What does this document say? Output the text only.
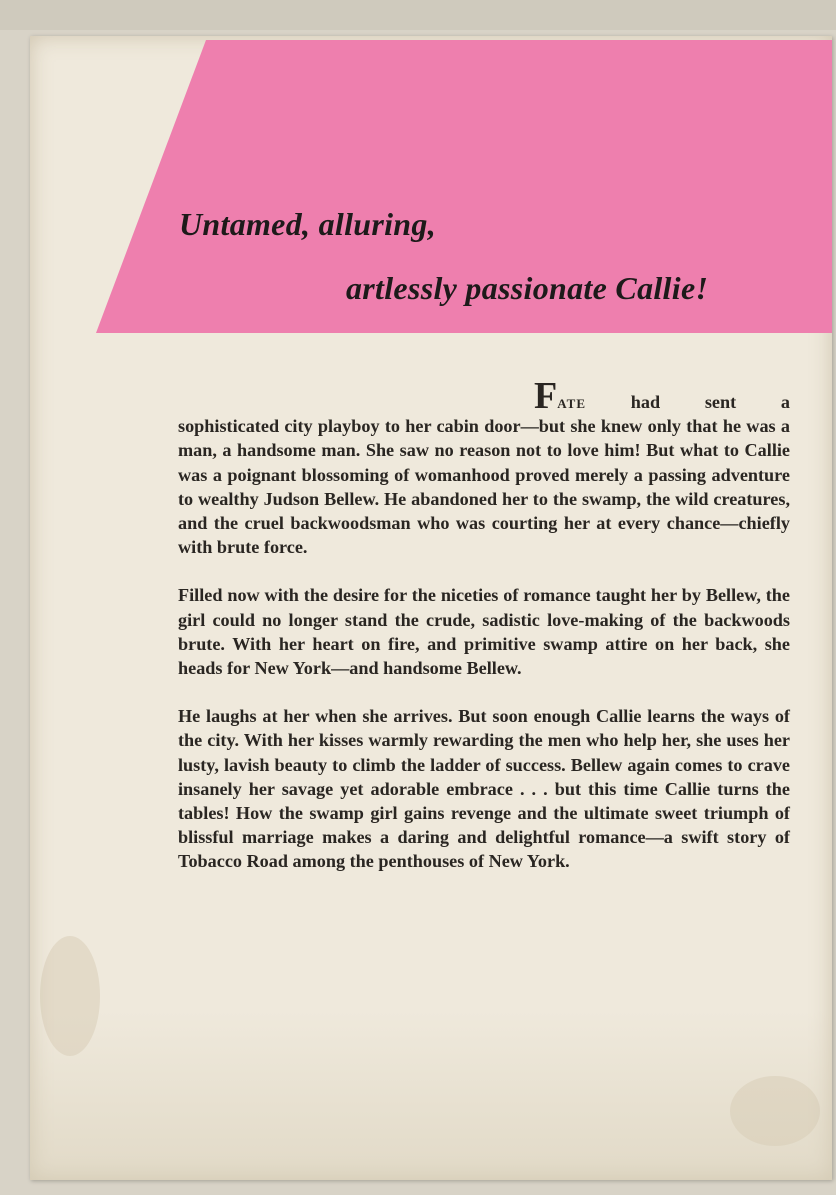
Untamed, alluring,
artlessly passionate Callie!

Fate had sent a
sophisticated city playboy to her cabin door—but she knew only that he was a man, a handsome man. She saw no reason not to love him! But what to Callie was a poignant blossoming of womanhood proved merely a passing adventure to wealthy Judson Bellew. He abandoned her to the swamp, the wild creatures, and the cruel backwoodsman who was courting her at every chance—chiefly with brute force.

Filled now with the desire for the niceties of romance taught her by Bellew, the girl could no longer stand the crude, sadistic love-making of the backwoods brute. With her heart on fire, and primitive swamp attire on her back, she heads for New York—and handsome Bellew.

He laughs at her when she arrives. But soon enough Callie learns the ways of the city. With her kisses warmly rewarding the men who help her, she uses her lusty, lavish beauty to climb the ladder of success. Bellew again comes to crave insanely her savage yet adorable embrace . . . but this time Callie turns the tables! How the swamp girl gains revenge and the ultimate sweet triumph of blissful marriage makes a daring and delightful romance—a swift story of Tobacco Road among the penthouses of New York.
